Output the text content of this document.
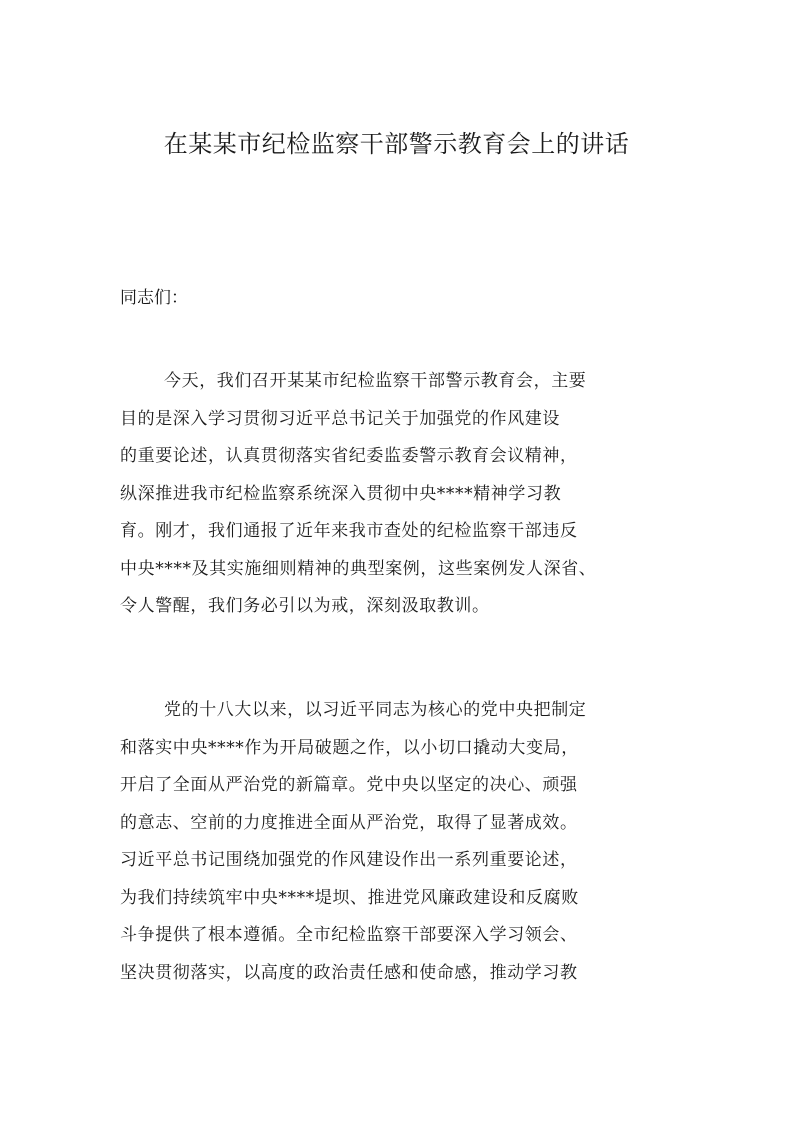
在某某市纪检监察干部警示教育会上的讲话

同志们：

今天，我们召开某某市纪检监察干部警示教育会，主要
目的是深入学习贯彻习近平总书记关于加强党的作风建设
的重要论述，认真贯彻落实省纪委监委警示教育会议精神，
纵深推进我市纪检监察系统深入贯彻中央****精神学习教
育。刚才，我们通报了近年来我市查处的纪检监察干部违反
中央****及其实施细则精神的典型案例，这些案例发人深省、
令人警醒，我们务必引以为戒，深刻汲取教训。
党的十八大以来，以习近平同志为核心的党中央把制定
和落实中央****作为开局破题之作，以小切口撬动大变局，
开启了全面从严治党的新篇章。党中央以坚定的决心、顽强
的意志、空前的力度推进全面从严治党，取得了显著成效。
习近平总书记围绕加强党的作风建设作出一系列重要论述，
为我们持续筑牢中央****堤坝、推进党风廉政建设和反腐败
斗争提供了根本遵循。全市纪检监察干部要深入学习领会、
坚决贯彻落实，以高度的政治责任感和使命感，推动学习教
